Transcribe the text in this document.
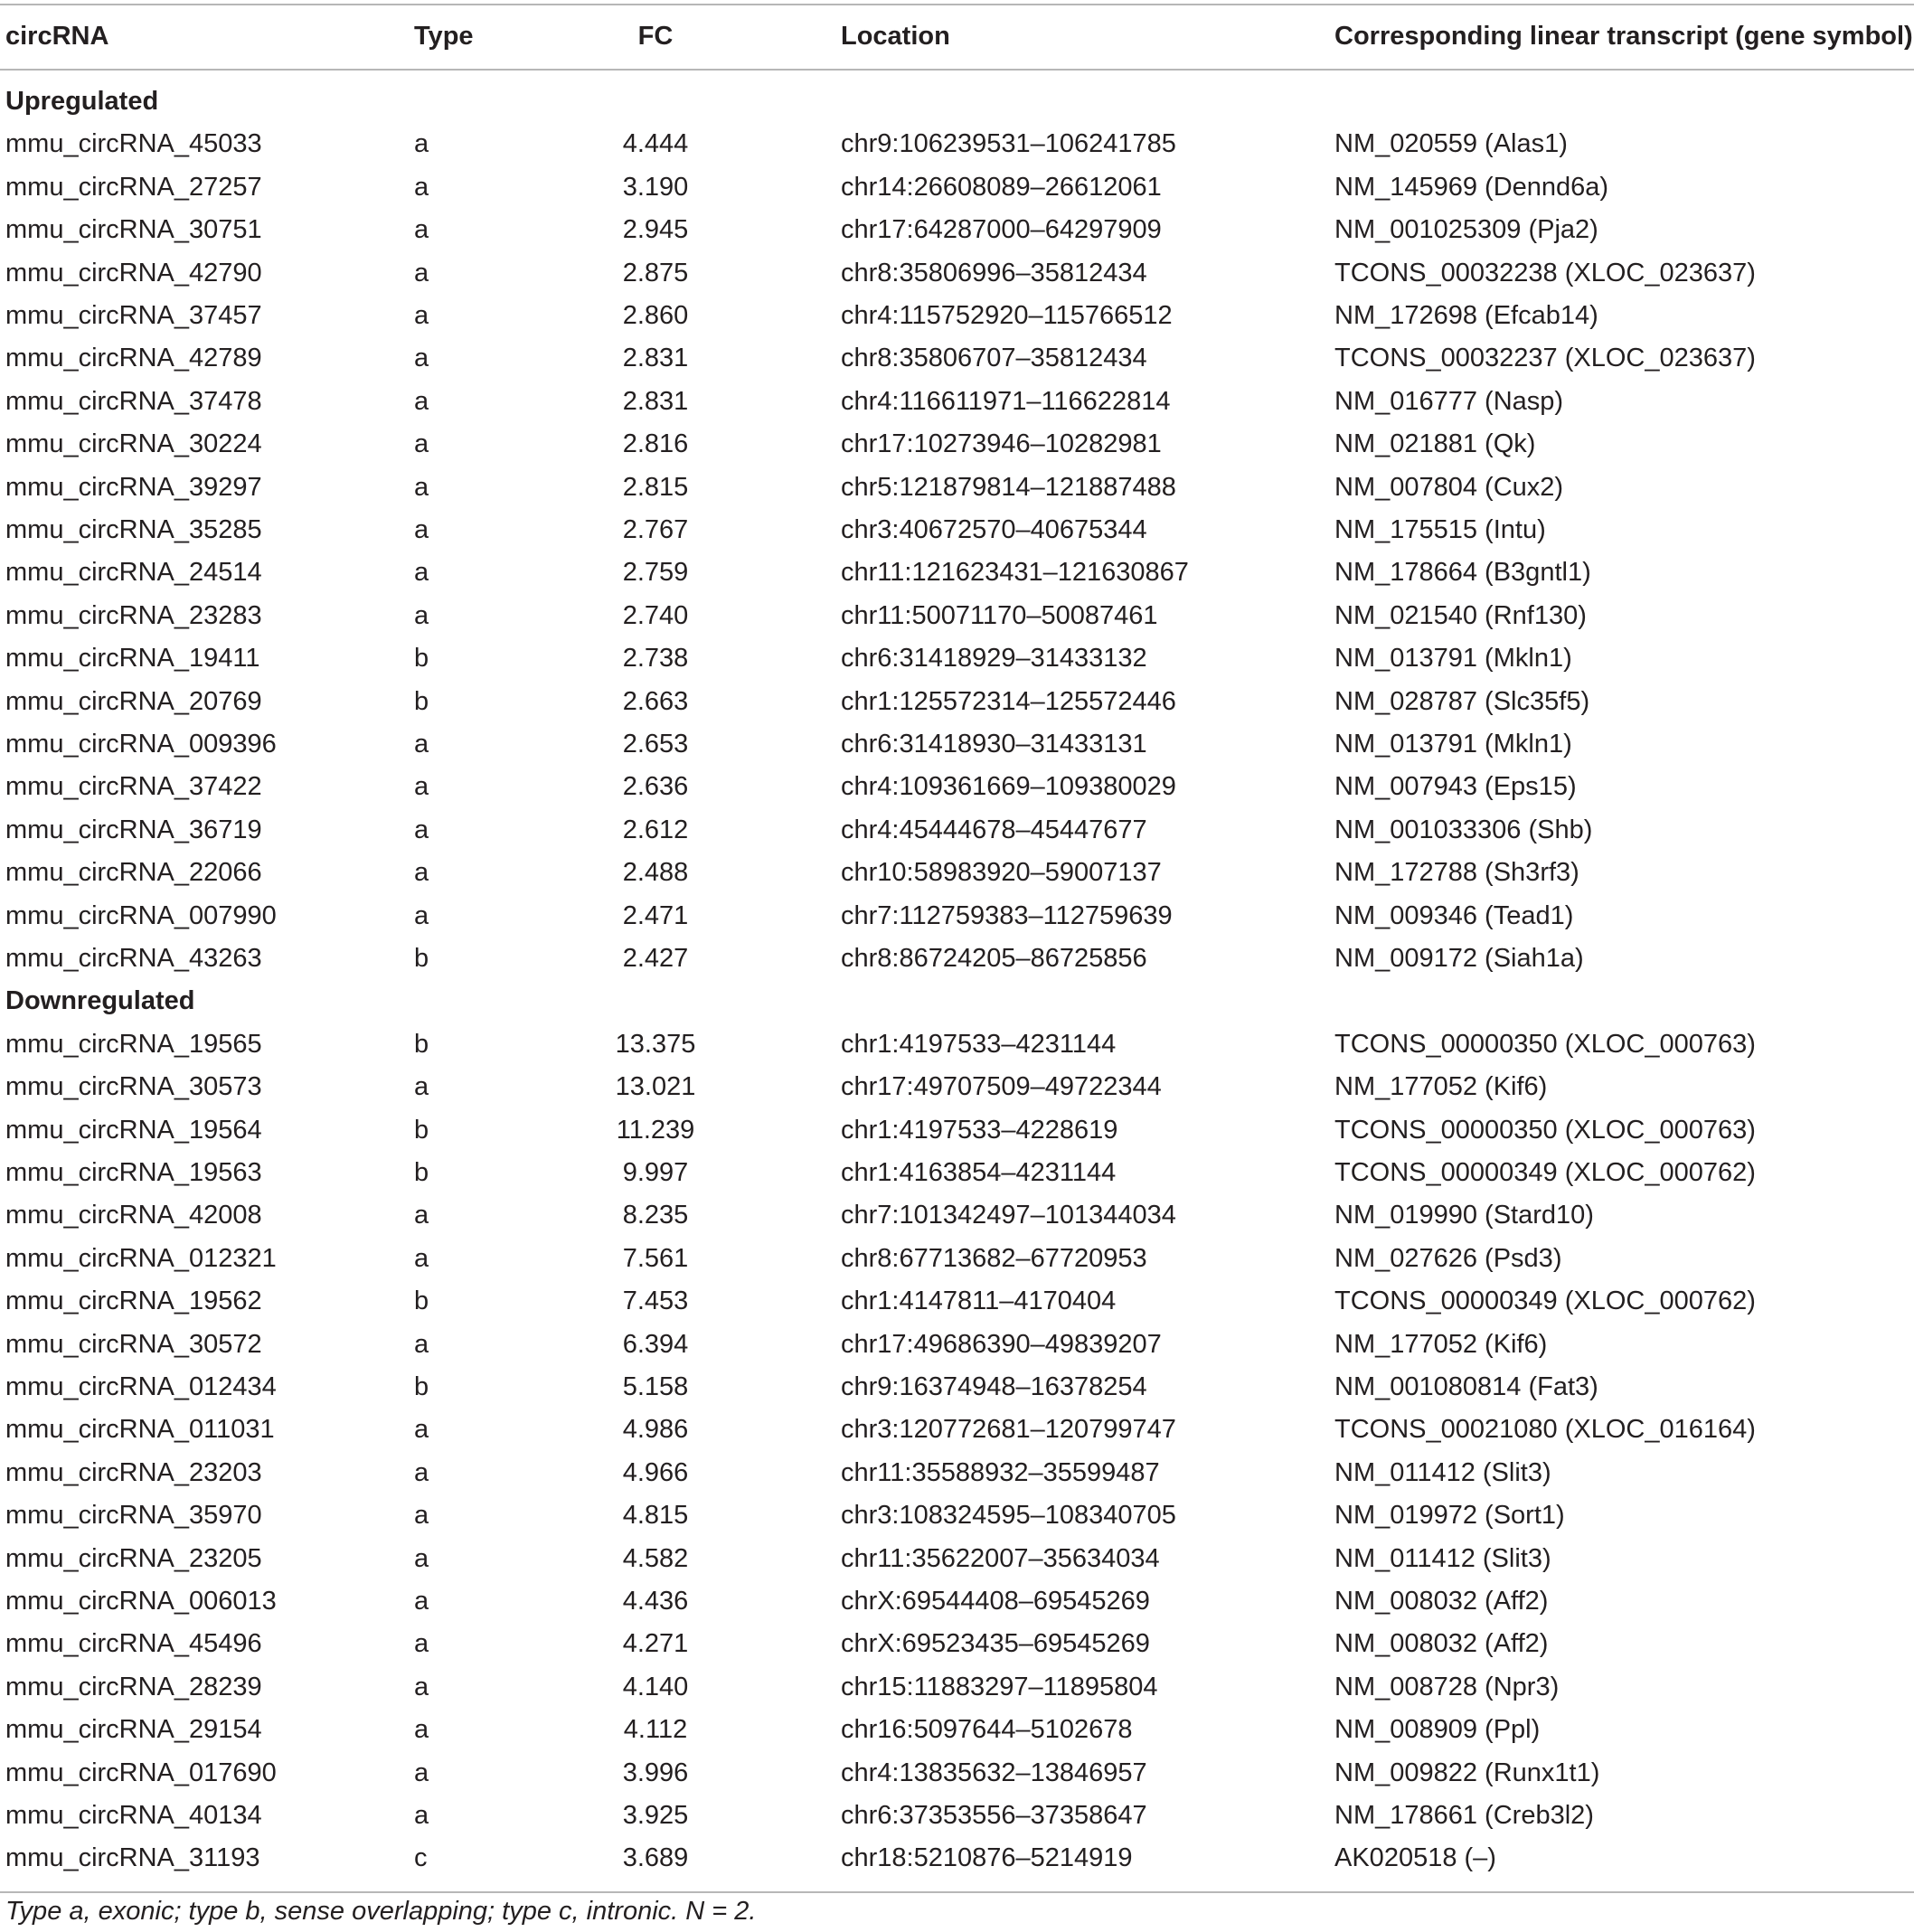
circRNA	Type	FC	Location	Corresponding linear transcript (gene symbol)
Upregulated
mmu_circRNA_45033	a	4.444	chr9:106239531–106241785	NM_020559 (Alas1)
mmu_circRNA_27257	a	3.190	chr14:26608089–26612061	NM_145969 (Dennd6a)
mmu_circRNA_30751	a	2.945	chr17:64287000–64297909	NM_001025309 (Pja2)
mmu_circRNA_42790	a	2.875	chr8:35806996–35812434	TCONS_00032238 (XLOC_023637)
mmu_circRNA_37457	a	2.860	chr4:115752920–115766512	NM_172698 (Efcab14)
mmu_circRNA_42789	a	2.831	chr8:35806707–35812434	TCONS_00032237 (XLOC_023637)
mmu_circRNA_37478	a	2.831	chr4:116611971–116622814	NM_016777 (Nasp)
mmu_circRNA_30224	a	2.816	chr17:10273946–10282981	NM_021881 (Qk)
mmu_circRNA_39297	a	2.815	chr5:121879814–121887488	NM_007804 (Cux2)
mmu_circRNA_35285	a	2.767	chr3:40672570–40675344	NM_175515 (Intu)
mmu_circRNA_24514	a	2.759	chr11:121623431–121630867	NM_178664 (B3gntl1)
mmu_circRNA_23283	a	2.740	chr11:50071170–50087461	NM_021540 (Rnf130)
mmu_circRNA_19411	b	2.738	chr6:31418929–31433132	NM_013791 (Mkln1)
mmu_circRNA_20769	b	2.663	chr1:125572314–125572446	NM_028787 (Slc35f5)
mmu_circRNA_009396	a	2.653	chr6:31418930–31433131	NM_013791 (Mkln1)
mmu_circRNA_37422	a	2.636	chr4:109361669–109380029	NM_007943 (Eps15)
mmu_circRNA_36719	a	2.612	chr4:45444678–45447677	NM_001033306 (Shb)
mmu_circRNA_22066	a	2.488	chr10:58983920–59007137	NM_172788 (Sh3rf3)
mmu_circRNA_007990	a	2.471	chr7:112759383–112759639	NM_009346 (Tead1)
mmu_circRNA_43263	b	2.427	chr8:86724205–86725856	NM_009172 (Siah1a)
Downregulated
mmu_circRNA_19565	b	13.375	chr1:4197533–4231144	TCONS_00000350 (XLOC_000763)
mmu_circRNA_30573	a	13.021	chr17:49707509–49722344	NM_177052 (Kif6)
mmu_circRNA_19564	b	11.239	chr1:4197533–4228619	TCONS_00000350 (XLOC_000763)
mmu_circRNA_19563	b	9.997	chr1:4163854–4231144	TCONS_00000349 (XLOC_000762)
mmu_circRNA_42008	a	8.235	chr7:101342497–101344034	NM_019990 (Stard10)
mmu_circRNA_012321	a	7.561	chr8:67713682–67720953	NM_027626 (Psd3)
mmu_circRNA_19562	b	7.453	chr1:4147811–4170404	TCONS_00000349 (XLOC_000762)
mmu_circRNA_30572	a	6.394	chr17:49686390–49839207	NM_177052 (Kif6)
mmu_circRNA_012434	b	5.158	chr9:16374948–16378254	NM_001080814 (Fat3)
mmu_circRNA_011031	a	4.986	chr3:120772681–120799747	TCONS_00021080 (XLOC_016164)
mmu_circRNA_23203	a	4.966	chr11:35588932–35599487	NM_011412 (Slit3)
mmu_circRNA_35970	a	4.815	chr3:108324595–108340705	NM_019972 (Sort1)
mmu_circRNA_23205	a	4.582	chr11:35622007–35634034	NM_011412 (Slit3)
mmu_circRNA_006013	a	4.436	chrX:69544408–69545269	NM_008032 (Aff2)
mmu_circRNA_45496	a	4.271	chrX:69523435–69545269	NM_008032 (Aff2)
mmu_circRNA_28239	a	4.140	chr15:11883297–11895804	NM_008728 (Npr3)
mmu_circRNA_29154	a	4.112	chr16:5097644–5102678	NM_008909 (Ppl)
mmu_circRNA_017690	a	3.996	chr4:13835632–13846957	NM_009822 (Runx1t1)
mmu_circRNA_40134	a	3.925	chr6:37353556–37358647	NM_178661 (Creb3l2)
mmu_circRNA_31193	c	3.689	chr18:5210876–5214919	AK020518 (–)
Type a, exonic; type b, sense overlapping; type c, intronic. N = 2.
